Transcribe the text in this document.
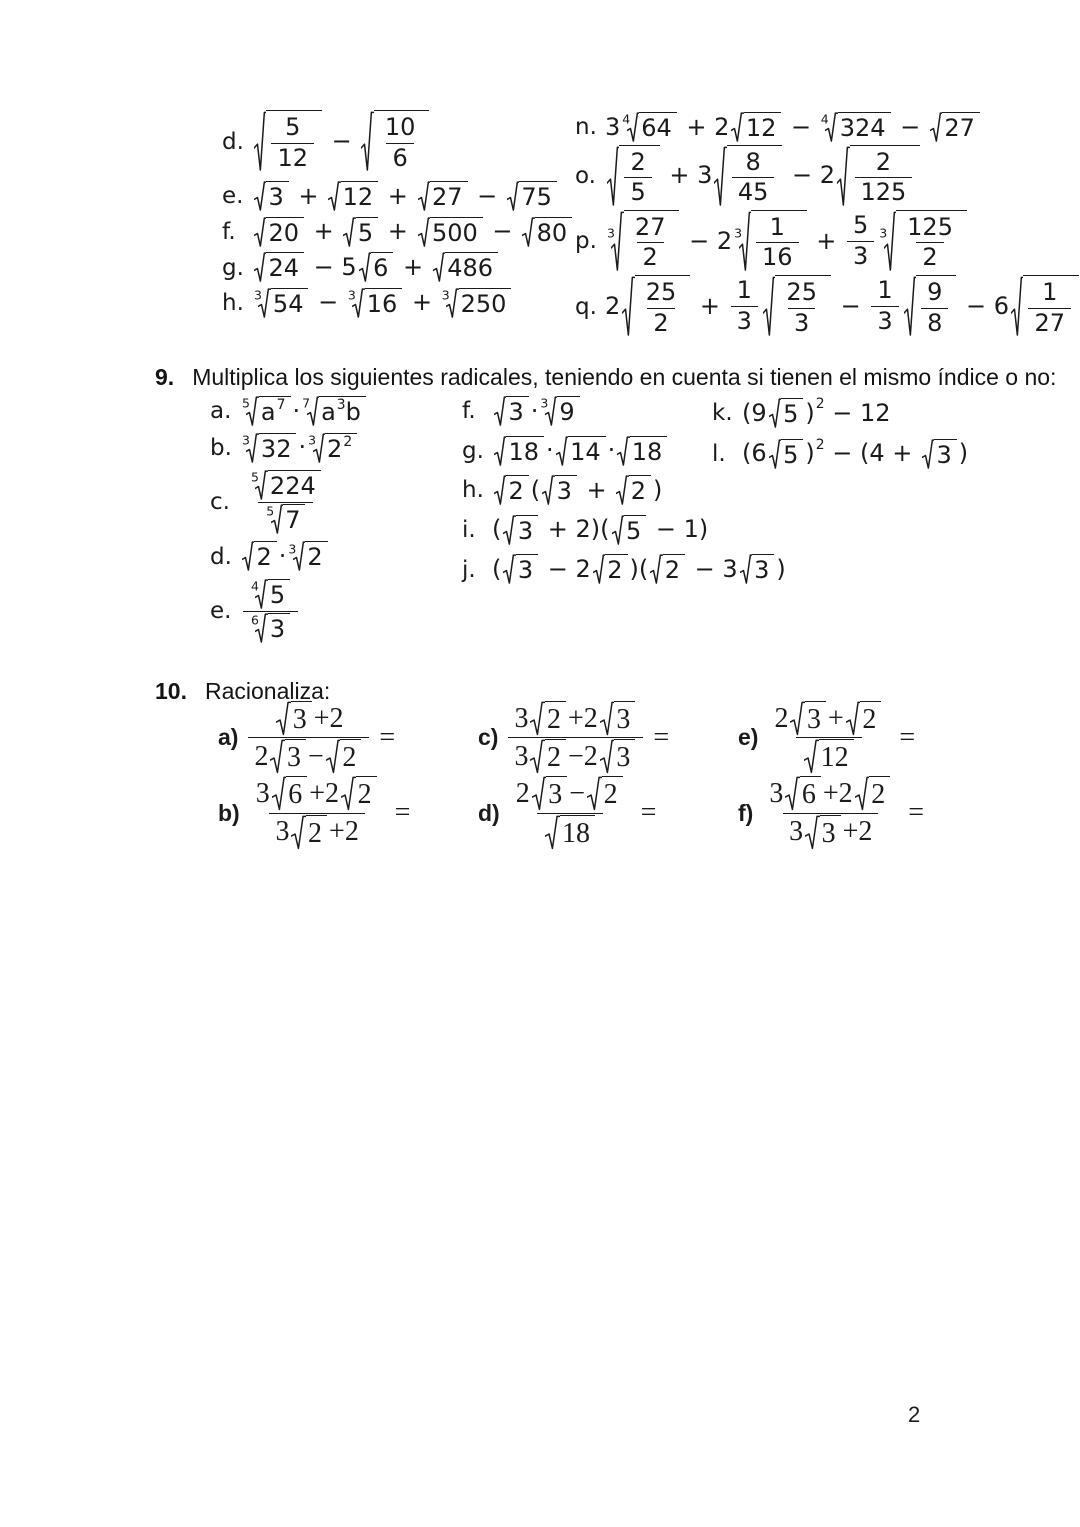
d.	$\frac{5}{12} - \frac{10}{6}$
e.	3 + 12 + 27 − 75
f.	20 + 5 + 500 − 80
g.	24 − 5 6 + 486
h. 3 54 − 3 16 + 3 250
n. 3 4 64 + 2 12 − 4 324 − 27
o.	$\frac{2}{5} + 3 \frac{8}{45} - 2 \frac{2}{125}$
p. $3 \frac{27}{2} - 2$ $3 \frac{1}{16} + \frac{5}{3} 3 \frac{125}{2}$
q. $2 \frac{25}{2} + \frac{1}{3} \frac{25}{3} - \frac{1}{3} \frac{9}{8} - 6 \frac{1}{27}$
9. Multiplica los siguientes radicales, teniendo en cuenta si tienen el mismo índice o no:
a. 5 a 7 · 7 a 3 b
b. 3 32 · 3 2 2
c.	$\frac{5 224}{5 7}$
d.	2 · 3 2
e. $\frac{4 5}{6 3}$
f.	3 · 3 9
g.	18 · 14 · 18
h.	2 ( 3 + 2 )
i. ( 3 + 2)( 5 − 1)
j. ( 3 − 2 2 )( 2 − 3 3 )
k. (9 5 ) 2 − 12
l. (6 5 ) 2 − (4 + 3 )
10. Racionaliza:
$a) \frac{3 +2}{2 3 - 2}$ =
$b) \frac{3 6 +2 2}{3 2 +2}$ =
$c) \frac{3 2 +2 3}{3 2 -2 3}$ =
$d) \frac{2 3 - 2}{18}$ =
$e) \frac{2 3 + 2}{12}$ =
$f) \frac{3 6 +2 2}{3 3 +2}$ =
2
